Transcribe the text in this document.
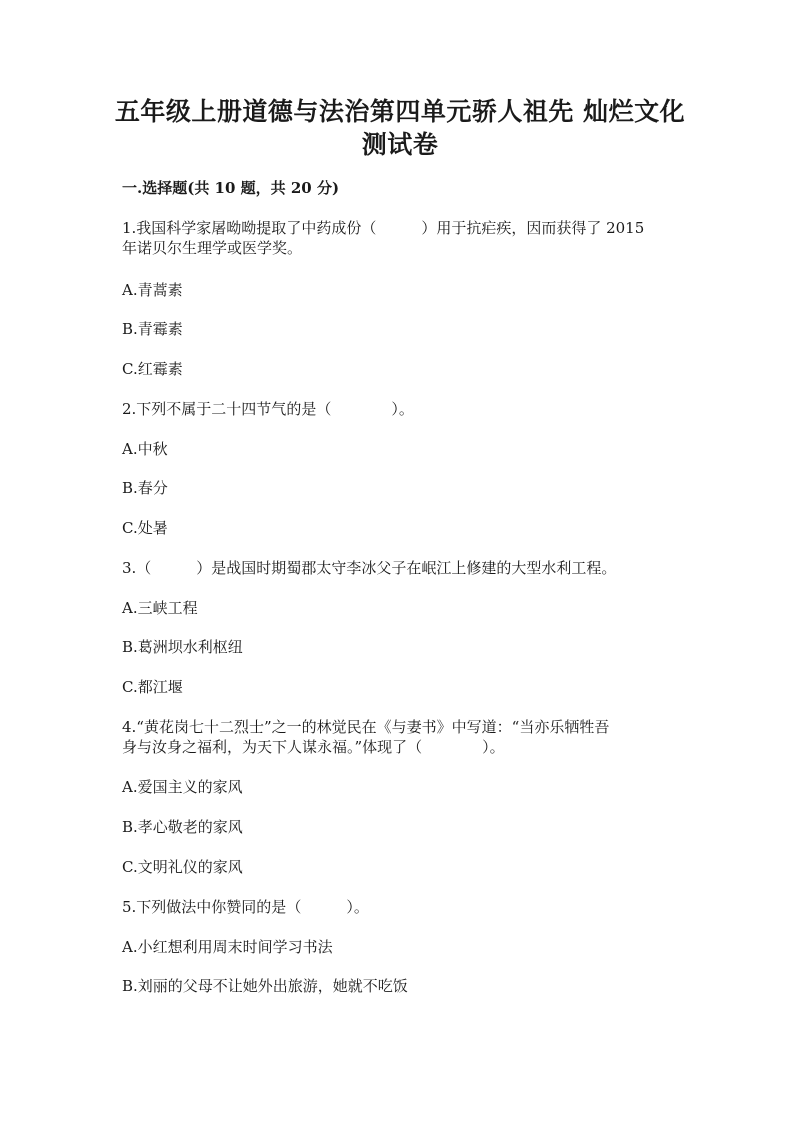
五年级上册道德与法治第四单元骄人祖先 灿烂文化
测试卷
一.选择题(共 10 题，共 20 分)
1.我国科学家屠呦呦提取了中药成份（　　　）用于抗疟疾，因而获得了 2015
年诺贝尔生理学或医学奖。
A.青蒿素
B.青霉素
C.红霉素
2.下列不属于二十四节气的是（　　　　）。
A.中秋
B.春分
C.处暑
3.（　　　）是战国时期蜀郡太守李冰父子在岷江上修建的大型水利工程。
A.三峡工程
B.葛洲坝水利枢纽
C.都江堰
4.“黄花岗七十二烈士”之一的林觉民在《与妻书》中写道：“当亦乐牺牲吾
身与汝身之福利，为天下人谋永福。”体现了（　　　　）。
A.爱国主义的家风
B.孝心敬老的家风
C.文明礼仪的家风
5.下列做法中你赞同的是（　　　）。
A.小红想利用周末时间学习书法
B.刘丽的父母不让她外出旅游，她就不吃饭
